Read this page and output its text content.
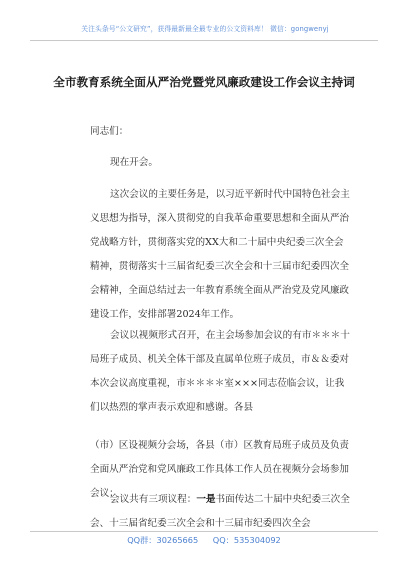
关注头条号“公文研究”，获得最新最全最专业的公文资料库！ 微信：gongwenyj
全市教育系统全面从严治党暨党风廉政建设工作会议主持词
同志们：
现在开会。
这次会议的主要任务是，以习近平新时代中国特色社会主义思想为指导，深入贯彻党的自我革命重要思想和全面从严治党战略方针，贯彻落实党的XX大和二十届中央纪委三次全会精神，贯彻落实十三届省纪委三次全会和十三届市纪委四次全会精神，全面总结过去一年教育系统全面从严治党及党风廉政建设工作，安排部署2024年工作。
会议以视频形式召开，在主会场参加会议的有市＊＊＊十局班子成员、机关全体干部及直属单位班子成员，市＆＆委对本次会议高度重视，市＊＊＊＊室×××同志莅临会议，让我们以热烈的掌声表示欢迎和感谢。各县
（市）区设视频分会场，各县（市）区教育局班子成员及负责全面从严治党和党风廉政工作具体工作人员在视频分会场参加会议；
会议共有三项议程：一是书面传达二十届中央纪委三次全会、十三届省纪委三次全会和十三届市纪委四次全会
QQ群：30265665 QQ：535304092
